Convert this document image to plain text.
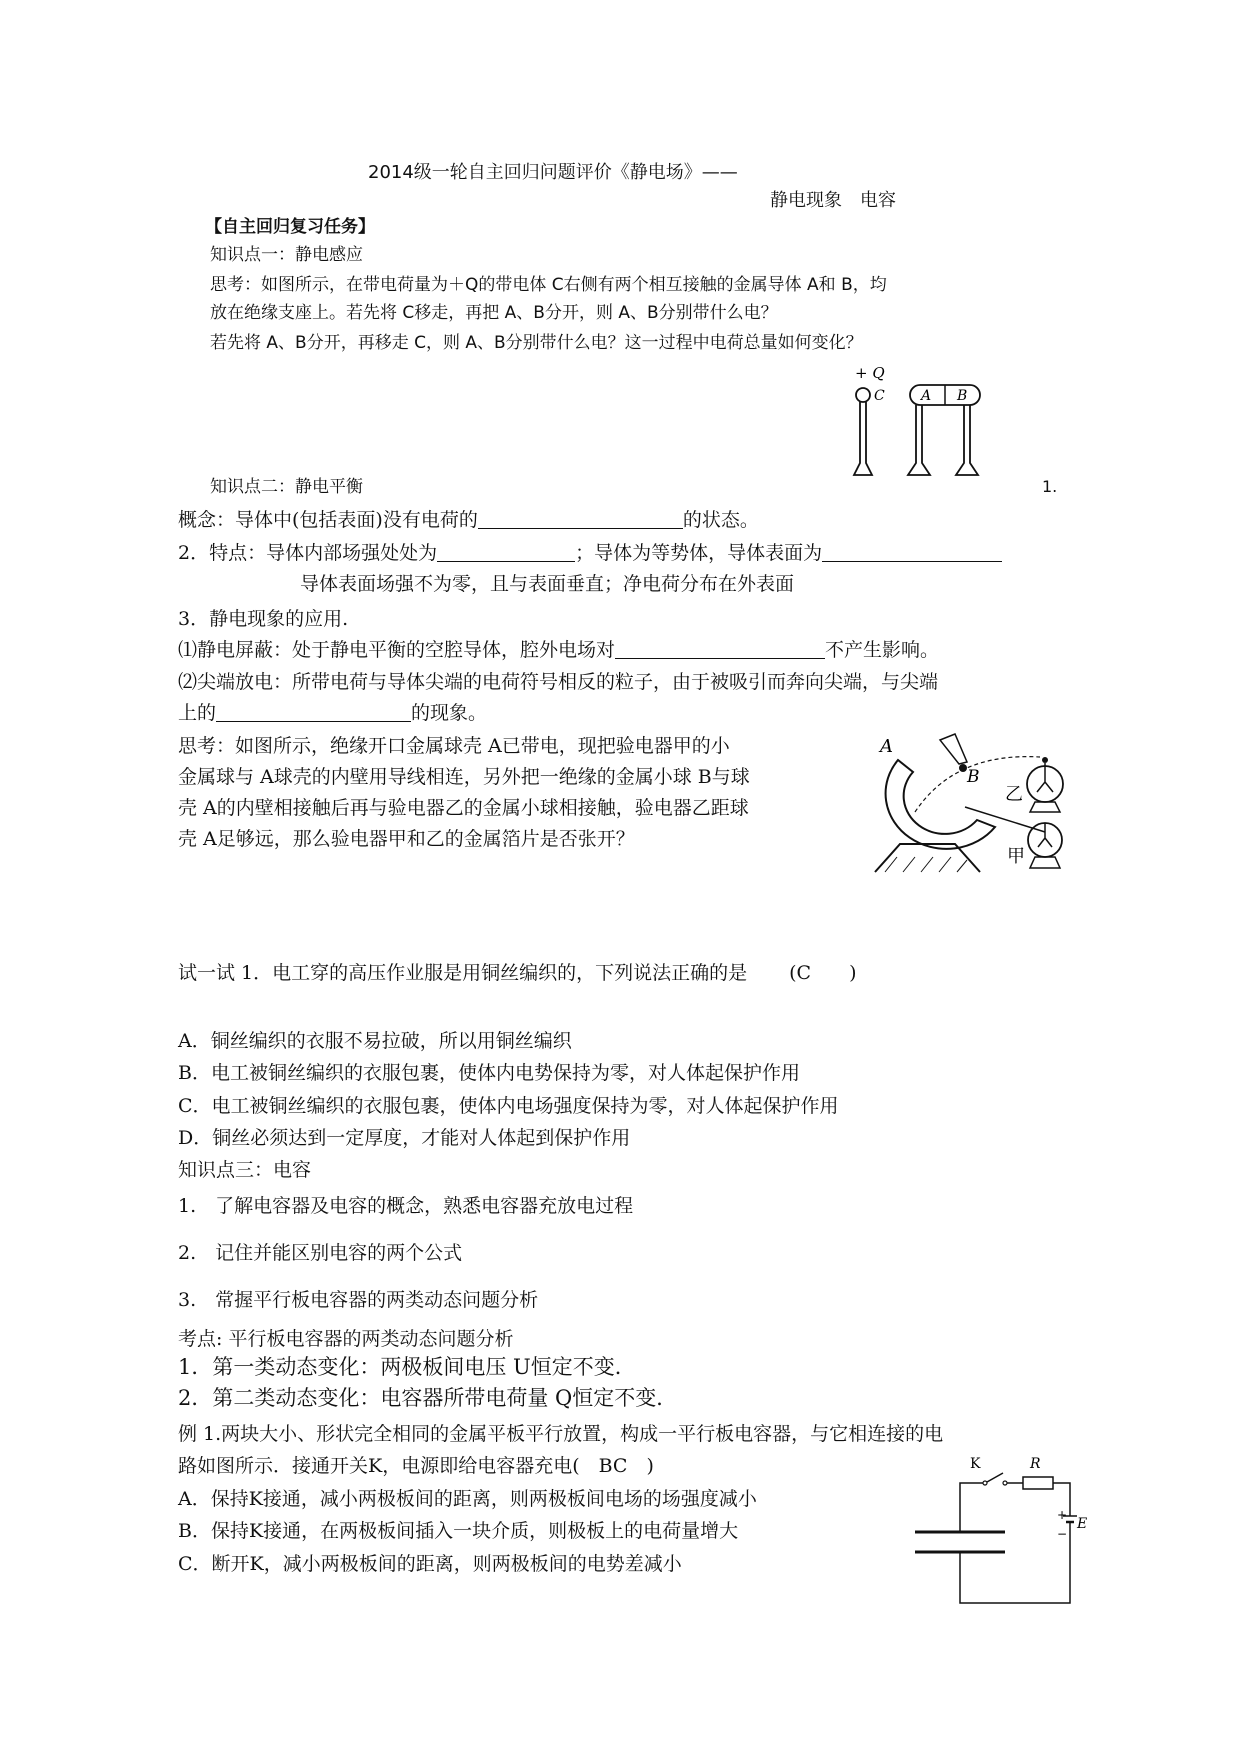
2014级一轮自主回归问题评价《静电场》——
静电现象　电容
【自主回归复习任务】
知识点一：静电感应
思考：如图所示，在带电荷量为＋Q的带电体 C右侧有两个相互接触的金属导体 A和 B，均
放在绝缘支座上。若先将 C移走，再把 A、B分开，则 A、B分别带什么电？
若先将 A、B分开，再移走 C，则 A、B分别带什么电？这一过程中电荷总量如何变化？
+ Q
C	A B
知识点二：静电平衡	1.
概念：导体中(包括表面)没有电荷的	的状态。
2．特点：导体内部场强处处为	；导体为等势体，导体表面为
导体表面场强不为零，且与表面垂直；净电荷分布在外表面
3．静电现象的应用.
⑴静电屏蔽：处于静电平衡的空腔导体，腔外电场对	不产生影响。
⑵尖端放电：所带电荷与导体尖端的电荷符号相反的粒子，由于被吸引而奔向尖端，与尖端
上的	的现象。
思考：如图所示，绝缘开口金属球壳 A已带电，现把验电器甲的小
金属球与 A球壳的内壁用导线相连，另外把一绝缘的金属小球 B与球
壳 A的内壁相接触后再与验电器乙的金属小球相接触，验电器乙距球
壳 A足够远，那么验电器甲和乙的金属箔片是否张开？
A
B
乙
甲
试一试 1．电工穿的高压作业服是用铜丝编织的，下列说法正确的是 (C　　)
A．铜丝编织的衣服不易拉破，所以用铜丝编织
B．电工被铜丝编织的衣服包裹，使体内电势保持为零，对人体起保护作用
C．电工被铜丝编织的衣服包裹，使体内电场强度保持为零，对人体起保护作用
D．铜丝必须达到一定厚度，才能对人体起到保护作用
知识点三：电容
1.　了解电容器及电容的概念，熟悉电容器充放电过程
2.　记住并能区别电容的两个公式
3.　常握平行板电容器的两类动态问题分析
考点: 平行板电容器的两类动态问题分析
1．第一类动态变化：两极板间电压 U恒定不变．
2．第二类动态变化：电容器所带电荷量 Q恒定不变．
例 1.两块大小、形状完全相同的金属平板平行放置，构成一平行板电容器，与它相连接的电
路如图所示．接通开关K，电源即给电容器充电(　BC　)
A．保持K接通，减小两极板间的距离，则两极板间电场的场强度减小
B．保持K接通，在两极板间插入一块介质，则极板上的电荷量增大
C．断开K，减小两极板间的距离，则两极板间的电势差减小
K	R
+
E
−
